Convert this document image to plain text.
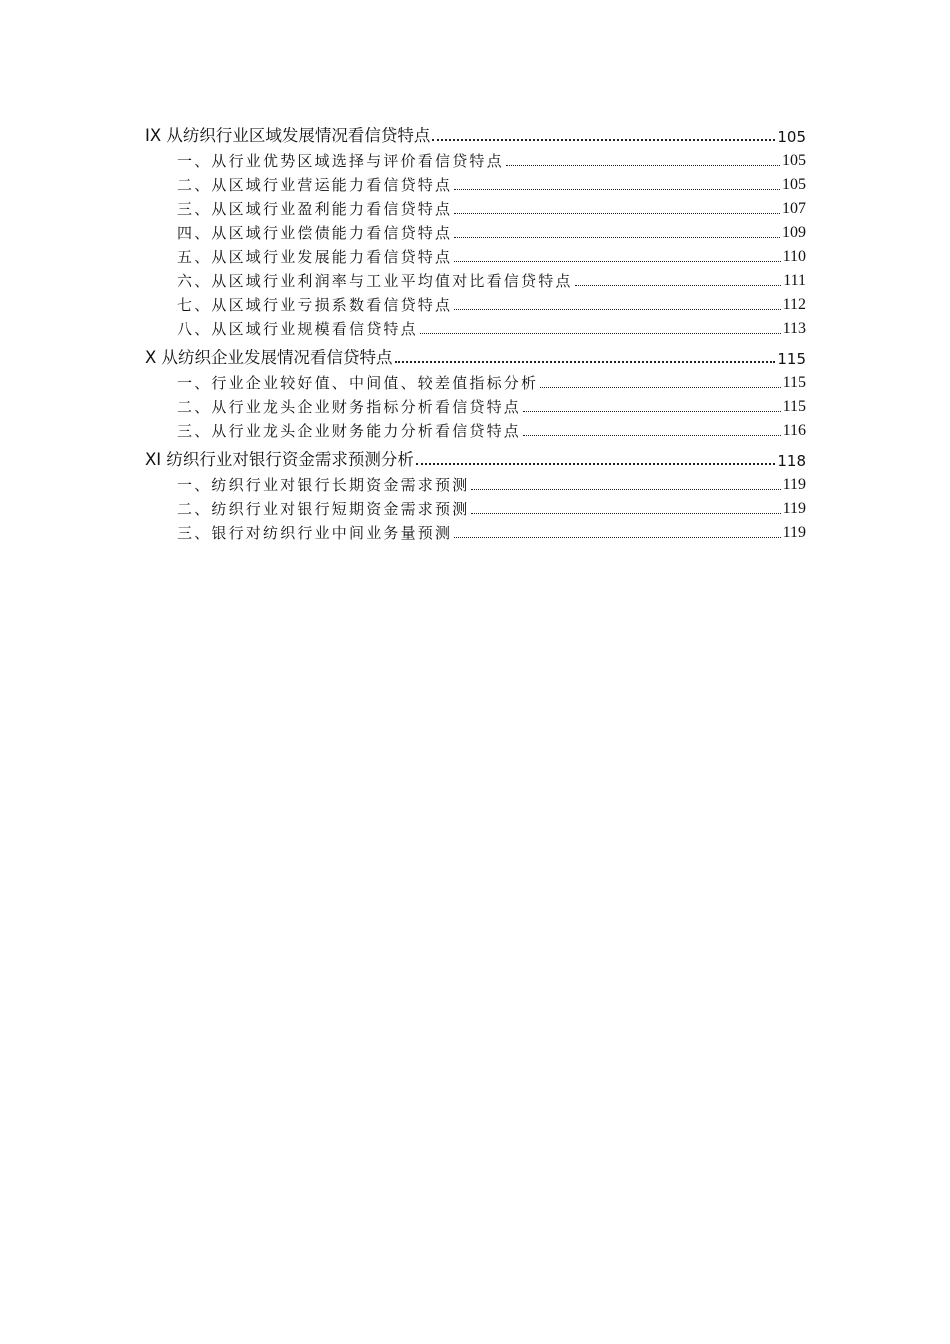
IX 从纺织行业区域发展情况看信贷特点	105
一、从行业优势区域选择与评价看信贷特点	105
二、从区域行业营运能力看信贷特点	105
三、从区域行业盈利能力看信贷特点	107
四、从区域行业偿债能力看信贷特点	109
五、从区域行业发展能力看信贷特点	110
六、从区域行业利润率与工业平均值对比看信贷特点	111
七、从区域行业亏损系数看信贷特点	112
八、从区域行业规模看信贷特点	113
X 从纺织企业发展情况看信贷特点	115
一、行业企业较好值、中间值、较差值指标分析	115
二、从行业龙头企业财务指标分析看信贷特点	115
三、从行业龙头企业财务能力分析看信贷特点	116
XI 纺织行业对银行资金需求预测分析	118
一、纺织行业对银行长期资金需求预测	119
二、纺织行业对银行短期资金需求预测	119
三、银行对纺织行业中间业务量预测	119
